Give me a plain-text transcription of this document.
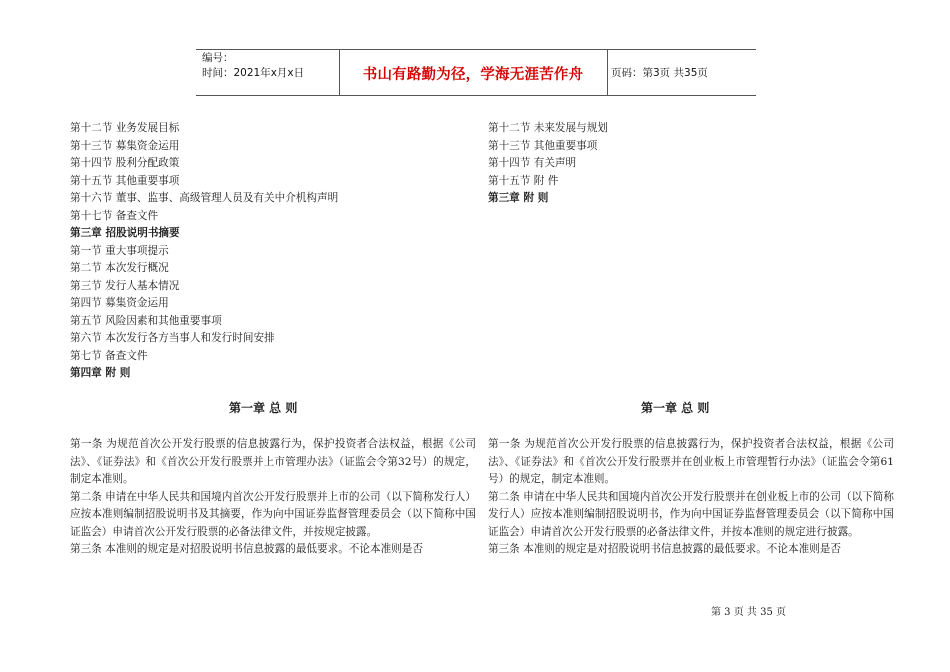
编号：
时间：2021年x月x日	书山有路勤为径，学海无涯苦作舟	页码：第3页 共35页
第十二节 业务发展目标
第十三节 募集资金运用
第十四节 股利分配政策
第十五节 其他重要事项
第十六节 董事、监事、高级管理人员及有关中介机构声明
第十七节 备查文件
第三章 招股说明书摘要
第一节 重大事项提示
第二节 本次发行概况
第三节 发行人基本情况
第四节 募集资金运用
第五节 风险因素和其他重要事项
第六节 本次发行各方当事人和发行时间安排
第七节 备查文件
第四章 附 则
第十二节 未来发展与规划
第十三节 其他重要事项
第十四节 有关声明
第十五节 附 件
第三章 附 则
第一章 总 则	第一章 总 则

第一条 为规范首次公开发行股票的信息披露行为，保护投资者合法权益，根据《公司法》、《证券法》和《首次公开发行股票并上市管理办法》（证监会令第32号）的规定，制定本准则。

第二条 申请在中华人民共和国境内首次公开发行股票并上市的公司（以下简称发行人）应按本准则编制招股说明书及其摘要，作为向中国证券监督管理委员会（以下简称中国证监会）申请首次公开发行股票的必备法律文件，并按规定披露。

第三条 本准则的规定是对招股说明书信息披露的最低要求。不论本准则是否

第一条 为规范首次公开发行股票的信息披露行为，保护投资者合法权益，根据《公司法》、《证券法》和《首次公开发行股票并在创业板上市管理暂行办法》（证监会令第61号）的规定，制定本准则。

第二条 申请在中华人民共和国境内首次公开发行股票并在创业板上市的公司（以下简称发行人）应按本准则编制招股说明书，作为向中国证券监督管理委员会（以下简称中国证监会）申请首次公开发行股票的必备法律文件，并按本准则的规定进行披露。

第三条 本准则的规定是对招股说明书信息披露的最低要求。不论本准则是否

第 3 页 共 35 页
